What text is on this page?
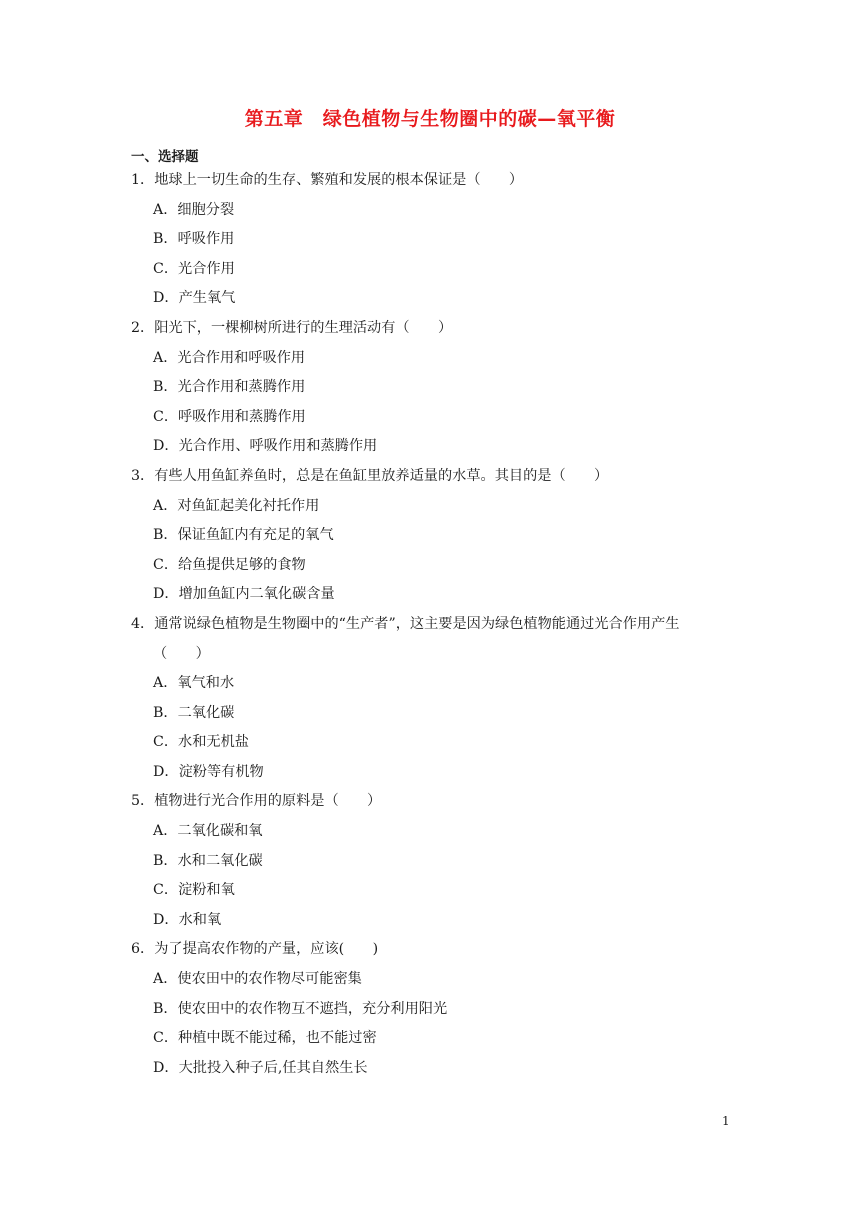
第五章　绿色植物与生物圈中的碳—氧平衡
一、选择题
1．地球上一切生命的生存、繁殖和发展的根本保证是（　　）
A．细胞分裂
B．呼吸作用
C．光合作用
D．产生氧气
2．阳光下，一棵柳树所进行的生理活动有（　　）
A．光合作用和呼吸作用
B．光合作用和蒸腾作用
C．呼吸作用和蒸腾作用
D．光合作用、呼吸作用和蒸腾作用
3．有些人用鱼缸养鱼时，总是在鱼缸里放养适量的水草。其目的是（　　）
A．对鱼缸起美化衬托作用
B．保证鱼缸内有充足的氧气
C．给鱼提供足够的食物
D．增加鱼缸内二氧化碳含量
4．通常说绿色植物是生物圈中的“生产者”，这主要是因为绿色植物能通过光合作用产生
（　　）
A．氧气和水
B．二氧化碳
C．水和无机盐
D．淀粉等有机物
5．植物进行光合作用的原料是（　　）
A．二氧化碳和氧
B．水和二氧化碳
C．淀粉和氧
D．水和氧
6．为了提高农作物的产量，应该(　　)
A．使农田中的农作物尽可能密集
B．使农田中的农作物互不遮挡，充分利用阳光
C．种植中既不能过稀，也不能过密
D．大批投入种子后,任其自然生长
1
